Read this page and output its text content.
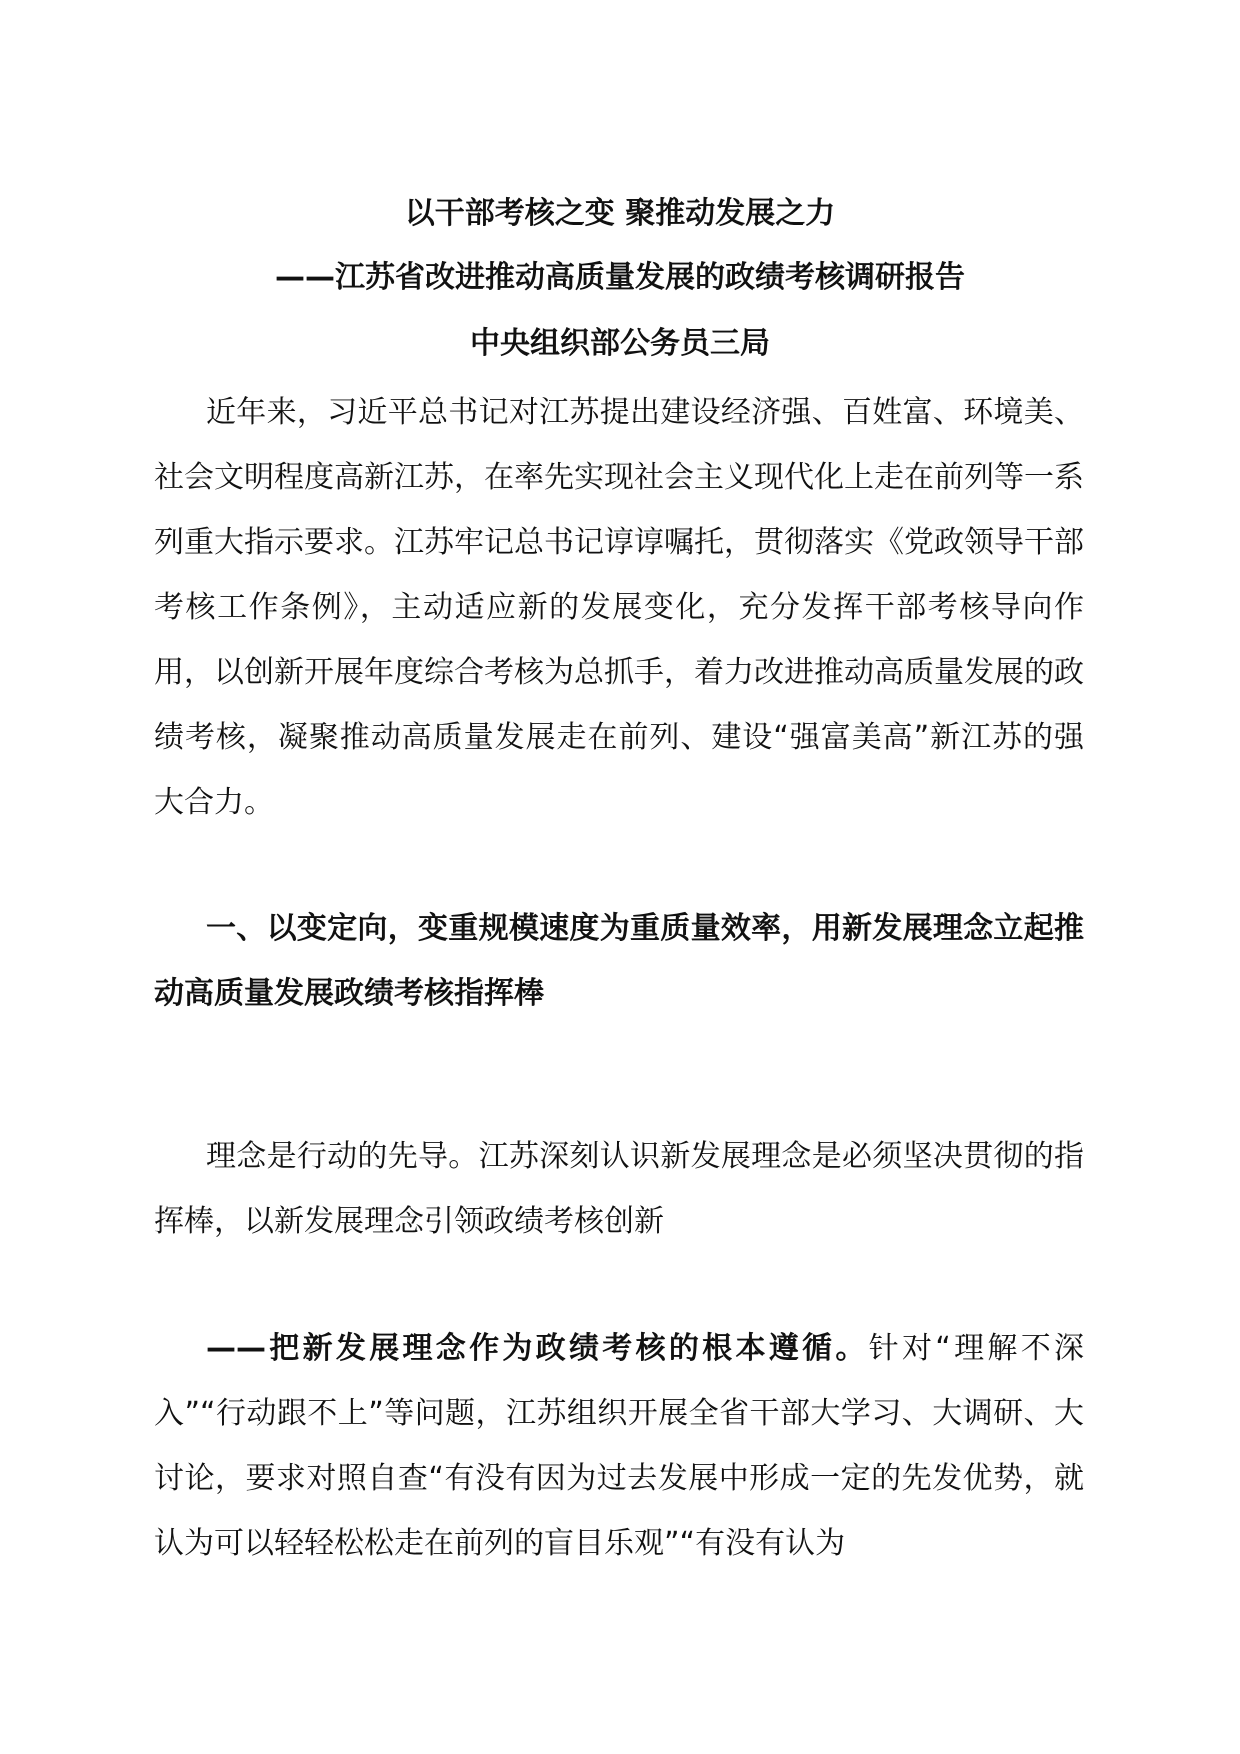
以干部考核之变 聚推动发展之力
——江苏省改进推动高质量发展的政绩考核调研报告
中央组织部公务员三局

近年来，习近平总书记对江苏提出建设经济强、百姓富、环境美、社会文明程度高新江苏，在率先实现社会主义现代化上走在前列等一系列重大指示要求。江苏牢记总书记谆谆嘱托，贯彻落实《党政领导干部考核工作条例》，主动适应新的发展变化，充分发挥干部考核导向作用，以创新开展年度综合考核为总抓手，着力改进推动高质量发展的政绩考核，凝聚推动高质量发展走在前列、建设“强富美高”新江苏的强大合力。

一、以变定向，变重规模速度为重质量效率，用新发展理念立起推动高质量发展政绩考核指挥棒

理念是行动的先导。江苏深刻认识新发展理念是必须坚决贯彻的指挥棒，以新发展理念引领政绩考核创新

——把新发展理念作为政绩考核的根本遵循。针对“理解不深入”“行动跟不上”等问题，江苏组织开展全省干部大学习、大调研、大讨论，要求对照自查“有没有因为过去发展中形成一定的先发优势，就认为可以轻轻松松走在前列的盲目乐观”“有没有认为
